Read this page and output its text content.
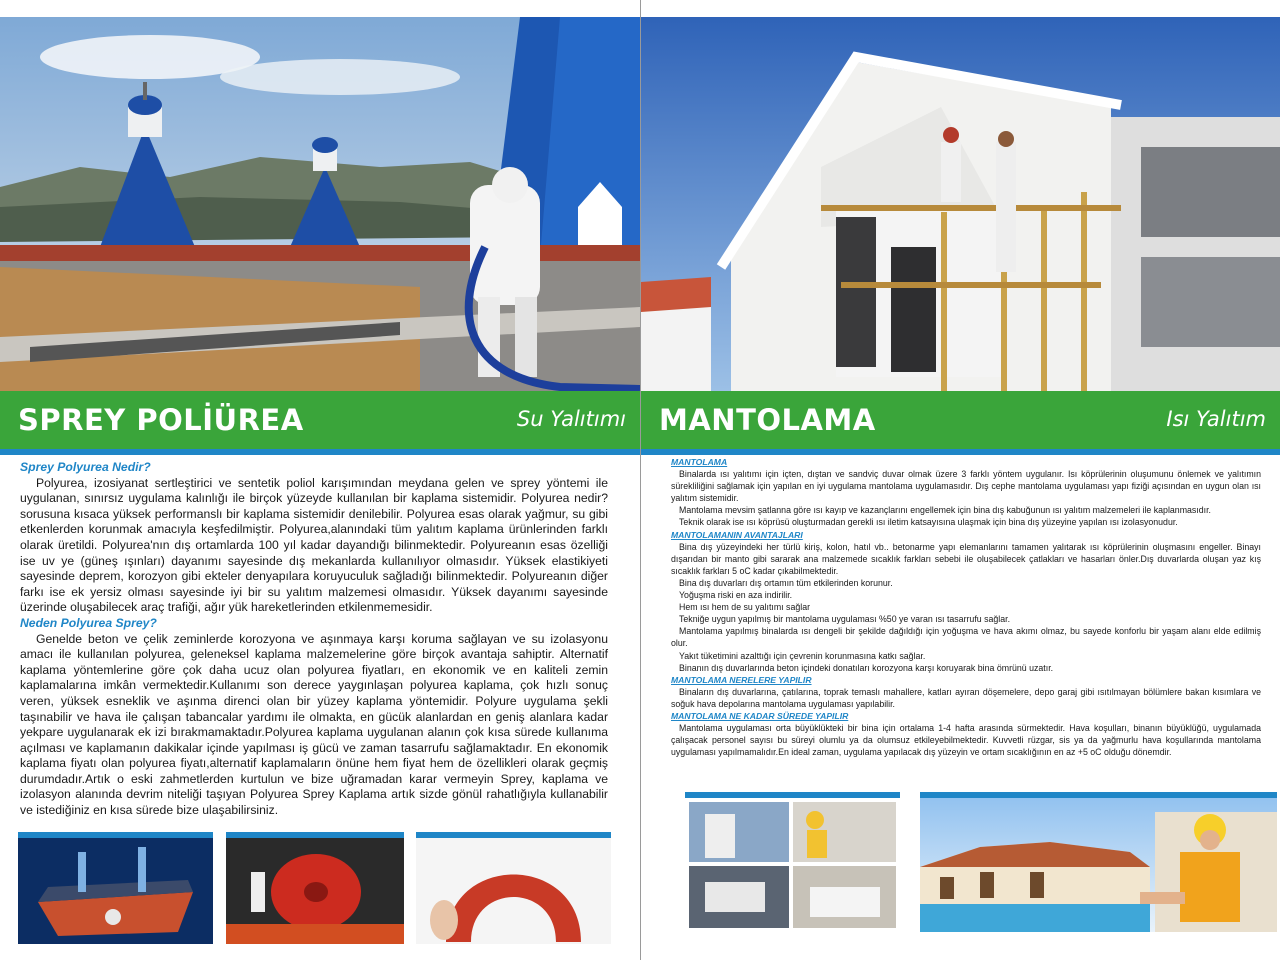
SPREY POLİÜREA	Su Yalıtımı
Sprey Polyurea Nedir?

Polyurea, izosiyanat sertleştirici ve sentetik poliol karışımından meydana gelen ve sprey yöntemi ile uygulanan, sınırsız uygulama kalınlığı ile birçok yüzeyde kullanılan bir kaplama sistemidir. Polyurea nedir? sorusuna kısaca yüksek performanslı bir kaplama sistemidir denilebilir. Polyurea esas olarak yağmur, su gibi etkenlerden korunmak amacıyla keşfedilmiştir. Polyurea,alanındaki tüm yalıtım kaplama ürünlerinden farklı olarak üretildi. Polyurea'nın dış ortamlarda 100 yıl kadar dayandığı bilinmektedir. Polyureanın esas özelliği ise uv ye (güneş ışınları) dayanımı sayesinde dış mekanlarda kullanılıyor olmasıdır. Yüksek elastikiyeti sayesinde deprem, korozyon gibi ekteler denyapılara koruyuculuk sağladığı bilinmektedir. Polyureanın diğer farkı ise ek yersiz olması sayesinde iyi bir su yalıtım malzemesi olmasıdır. Yüksek dayanımı sayesinde üzerinde oluşabilecek araç trafiği, ağır yük hareketlerinden etkilenmemesidir.

Neden Polyurea Sprey?

Genelde beton ve çelik zeminlerde korozyona ve aşınmaya karşı koruma sağlayan ve su izolasyonu amacı ile kullanılan polyurea, geleneksel kaplama malzemelerine göre birçok avantaja sahiptir. Alternatif kaplama yöntemlerine göre çok daha ucuz olan polyurea fiyatları, en ekonomik ve en kaliteli zemin kaplamalarına imkân vermektedir.Kullanımı son derece yaygınlaşan polyurea kaplama, çok hızlı sonuç veren, yüksek esneklik ve aşınma direnci olan bir yüzey kaplama yöntemidir. Polyure uygulama şekli taşınabilir ve hava ile çalışan tabancalar yardımı ile olmakta, en gücük alanlardan en geniş alanlara kadar yekpare uygulanarak ek izi bırakmamaktadır.Polyurea kaplama uygulanan alanın çok kısa sürede kullanıma açılması ve kaplamanın dakikalar içinde yapılması iş gücü ve zaman tasarrufu sağlamaktadır. En ekonomik kaplama fiyatı olan polyurea fiyatı,alternatif kaplamaların önüne hem fiyat hem de özellikleri olarak geçmiş durumdadır.Artık o eski zahmetlerden kurtulun ve bize uğramadan karar vermeyin Sprey, kaplama ve izolasyon alanında devrim niteliği taşıyan Polyurea Sprey Kaplama artık sizde gönül rahatlığıyla kullanabilir ve istediğiniz en kısa sürede bize ulaşabilirsiniz.

MANTOLAMA	Isı Yalıtım
MANTOLAMA

Binalarda ısı yalıtımı için içten, dıştan ve sandviç duvar olmak üzere 3 farklı yöntem uygulanır. Isı köprülerinin oluşumunu önlemek ve yalıtımın sürekliliğini sağlamak için yapılan en iyi uygulama mantolama uygulamasıdır. Dış cephe mantolama uygulaması yapı fiziği açısından en uygun olan ısı yalıtım sistemidir.

Mantolama mevsim şatlanna göre ısı kayıp ve kazançlarını engellemek için bina dış kabuğunun ısı yalıtım malzemeleri ile kaplanmasıdır.

Teknik olarak ise ısı köprüsü oluşturmadan gerekli ısı iletim katsayısına ulaşmak için bina dış yüzeyine yapılan ısı izolasyonudur.

MANTOLAMANIN AVANTAJLARI

Bina dış yüzeyindeki her türlü kiriş, kolon, hatıl vb.. betonarme yapı elemanlarını tamamen yalıtarak ısı köprülerinin oluşmasını engeller. Binayı dışarıdan bir manto gibi sararak ana malzemede sıcaklık farkları sebebi ile oluşabilecek çatlakları ve hasarları önler.Dış duvarlarda oluşan yaz kış sıcaklık farkları 5 oC kadar çıkabilmektedir.

Bina dış duvarları dış ortamın tüm etkilerinden korunur.

Yoğuşma riski en aza indirilir.

Hem ısı hem de su yalıtımı sağlar

Tekniğe uygun yapılmış bir mantolama uygulaması %50 ye varan ısı tasarrufu sağlar.

Mantolama yapılmış binalarda ısı dengeli bir şekilde dağıldığı için yoğuşma ve hava akımı olmaz, bu sayede konforlu bir yaşam alanı elde edilmiş olur.

Yakıt tüketimini azalttığı için çevrenin korunmasına katkı sağlar.

Binanın dış duvarlarında beton içindeki donatıları korozyona karşı koruyarak bina ömrünü uzatır.

MANTOLAMA NERELERE YAPILIR

Binaların dış duvarlarına, çatılarına, toprak temaslı mahallere, katları ayıran döşemelere, depo garaj gibi ısıtılmayan bölümlere bakan kısımlara ve soğuk hava depolarına mantolama uygulaması yapılabilir.

MANTOLAMA NE KADAR SÜREDE YAPILIR

Mantolama uygulaması orta büyüklükteki bir bina için ortalama 1-4 hafta arasında sürmektedir. Hava koşulları, binanın büyüklüğü, uygulamada çalışacak personel sayısı bu süreyi olumlu ya da olumsuz etkileyebilmektedir. Kuvvetli rüzgar, sis ya da yağmurlu hava koşullarında mantolama uygulaması yapılmamalıdır.En ideal zaman, uygulama yapılacak dış yüzeyin ve ortam sıcaklığının en az +5 oC olduğu dönemdir.
